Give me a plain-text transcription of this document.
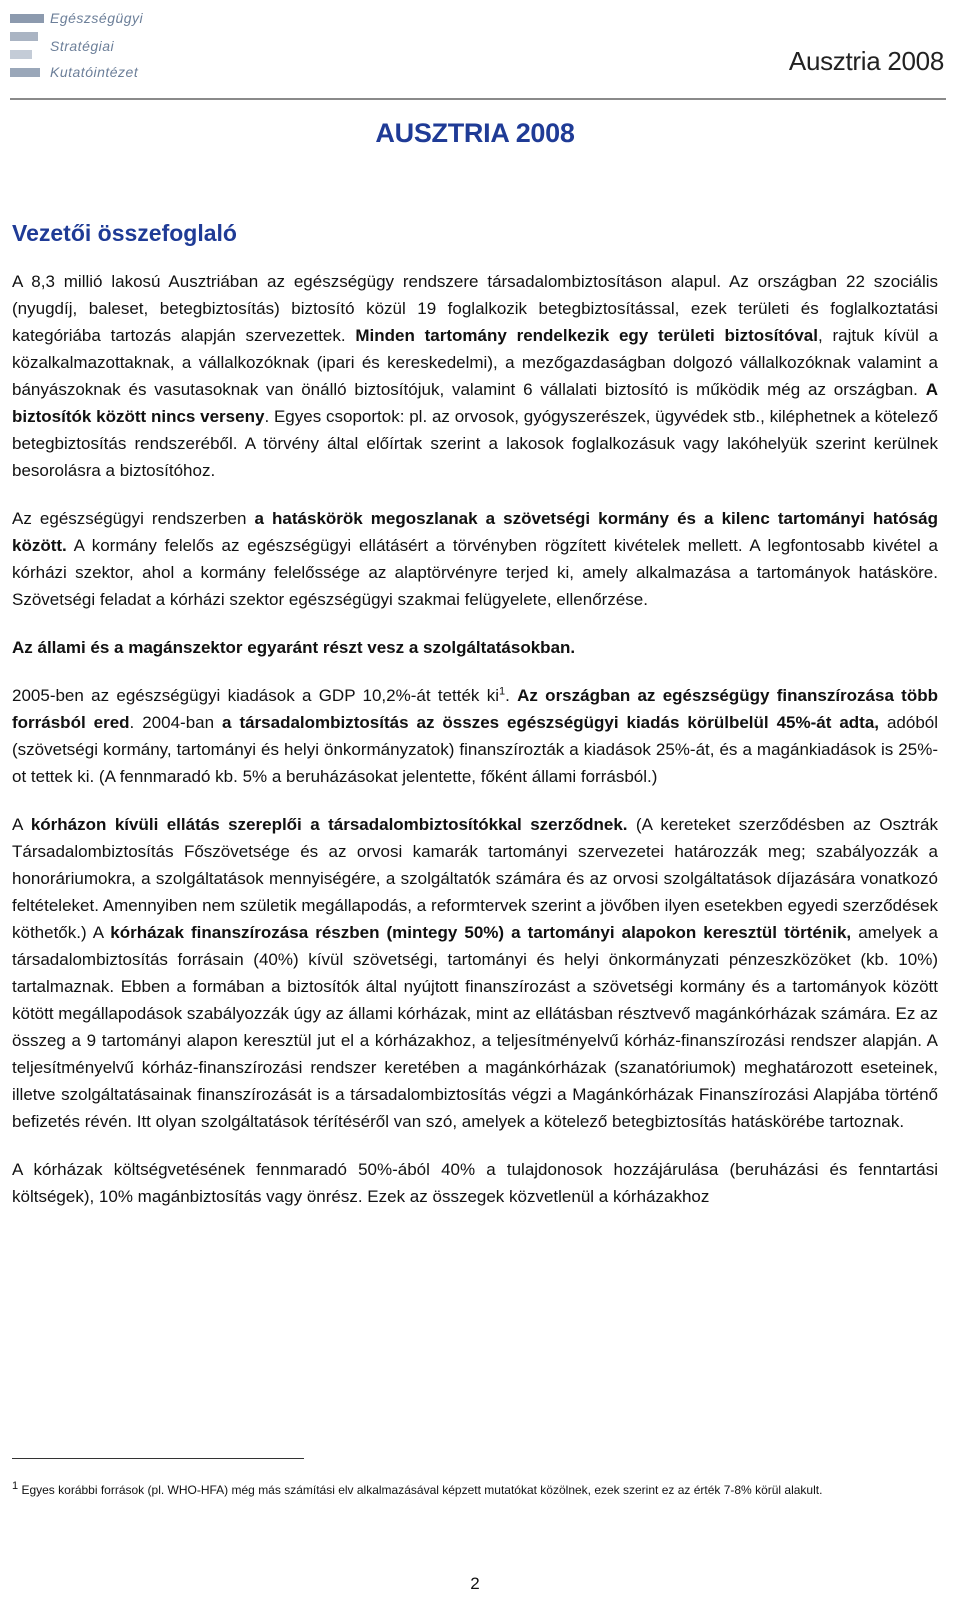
Egészségügyi
Stratégiai
Kutatóintézet	Ausztria 2008
AUSZTRIA 2008
Vezetői összefoglaló

A 8,3 millió lakosú Ausztriában az egészségügy rendszere társadalombiztosításon alapul. Az országban 22 szociális (nyugdíj, baleset, betegbiztosítás) biztosító közül 19 foglalkozik betegbiztosítással, ezek területi és foglalkoztatási kategóriába tartozás alapján szervezettek. Minden tartomány rendelkezik egy területi biztosítóval, rajtuk kívül a közalkalmazottaknak, a vállalkozóknak (ipari és kereskedelmi), a mezőgazdaságban dolgozó vállalkozóknak valamint a bányászoknak és vasutasoknak van önálló biztosítójuk, valamint 6 vállalati biztosító is működik még az országban. A biztosítók között nincs verseny. Egyes csoportok: pl. az orvosok, gyógyszerészek, ügyvédek stb., kiléphetnek a kötelező betegbiztosítás rendszeréből. A törvény által előírtak szerint a lakosok foglalkozásuk vagy lakóhelyük szerint kerülnek besorolásra a biztosítóhoz.

Az egészségügyi rendszerben a hatáskörök megoszlanak a szövetségi kormány és a kilenc tartományi hatóság között. A kormány felelős az egészségügyi ellátásért a törvényben rögzített kivételek mellett. A legfontosabb kivétel a kórházi szektor, ahol a kormány felelőssége az alaptörvényre terjed ki, amely alkalmazása a tartományok hatásköre. Szövetségi feladat a kórházi szektor egészségügyi szakmai felügyelete, ellenőrzése.

Az állami és a magánszektor egyaránt részt vesz a szolgáltatásokban.

2005-ben az egészségügyi kiadások a GDP 10,2%-át tették $ki^1$. Az országban az egészségügy finanszírozása több forrásból ered. 2004-ban a társadalombiztosítás az összes egészségügyi kiadás körülbelül 45%-át adta, adóból (szövetségi kormány, tartományi és helyi önkormányzatok) finanszírozták a kiadások 25%-át, és a magánkiadások is 25%-ot tettek ki. (A fennmaradó kb. 5% a beruházásokat jelentette, főként állami forrásból.)

A kórházon kívüli ellátás szereplői a társadalombiztosítókkal szerződnek. (A kereteket szerződésben az Osztrák Társadalombiztosítás Főszövetsége és az orvosi kamarák tartományi szervezetei határozzák meg; szabályozzák a honoráriumokra, a szolgáltatások mennyiségére, a szolgáltatók számára és az orvosi szolgáltatások díjazására vonatkozó feltételeket. Amennyiben nem születik megállapodás, a reformtervek szerint a jövőben ilyen esetekben egyedi szerződések köthetők.) A kórházak finanszírozása részben (mintegy 50%) a tartományi alapokon keresztül történik, amelyek a társadalombiztosítás forrásain (40%) kívül szövetségi, tartományi és helyi önkormányzati pénzeszközöket (kb. 10%) tartalmaznak. Ebben a formában a biztosítók által nyújtott finanszírozást a szövetségi kormány és a tartományok között kötött megállapodások szabályozzák úgy az állami kórházak, mint az ellátásban résztvevő magánkórházak számára. Ez az összeg a 9 tartományi alapon keresztül jut el a kórházakhoz, a teljesítményelvű kórház-finanszírozási rendszer alapján. A teljesítményelvű kórház-finanszírozási rendszer keretében a magánkórházak (szanatóriumok) meghatározott eseteinek, illetve szolgáltatásainak finanszírozását is a társadalombiztosítás végzi a Magánkórházak Finanszírozási Alapjába történő befizetés révén. Itt olyan szolgáltatások térítéséről van szó, amelyek a kötelező betegbiztosítás hatáskörébe tartoznak.

A kórházak költségvetésének fennmaradó 50%-ából 40% a tulajdonosok hozzájárulása (beruházási és fenntartási költségek), 10% magánbiztosítás vagy önrész. Ezek az összegek közvetlenül a kórházakhoz

1 Egyes korábbi források (pl. WHO-HFA) még más számítási elv alkalmazásával képzett mutatókat közölnek, ezek szerint ez az érték 7-8% körül alakult.
2
